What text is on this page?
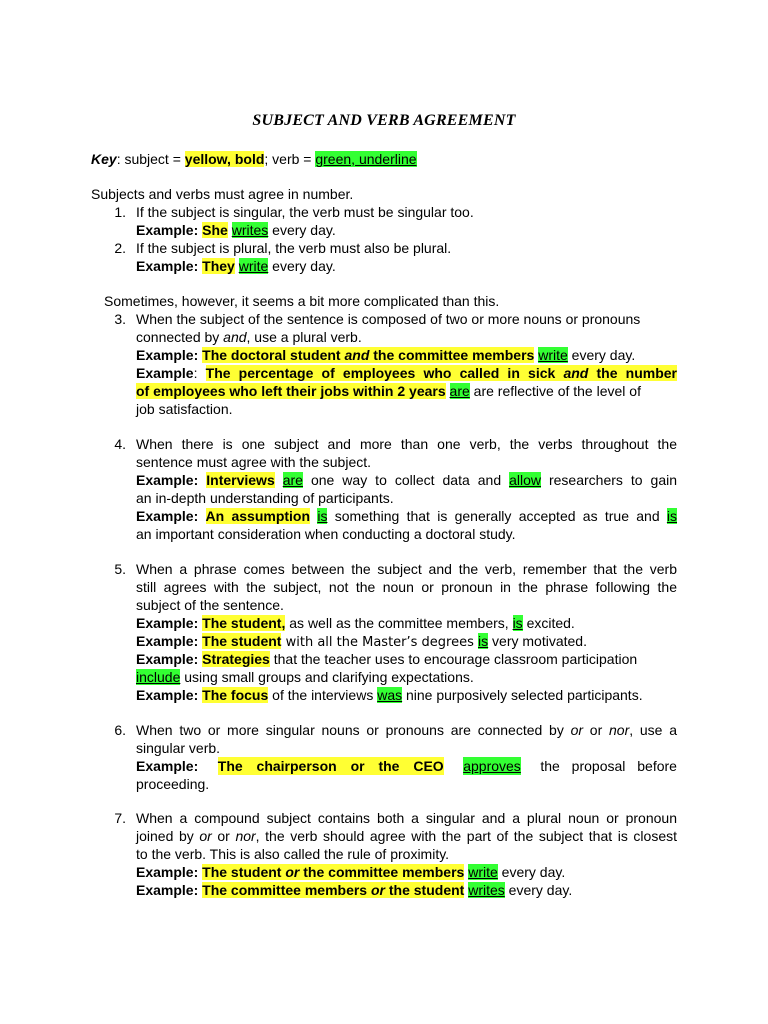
SUBJECT AND VERB AGREEMENT
Key: subject = yellow, bold; verb = green, underline
Subjects and verbs must agree in number.
1. If the subject is singular, the verb must be singular too.
Example: She writes every day.
2. If the subject is plural, the verb must also be plural.
Example: They write every day.
Sometimes, however, it seems a bit more complicated than this.
3. When the subject of the sentence is composed of two or more nouns or pronouns
connected by and, use a plural verb.
Example: The doctoral student and the committee members write every day.
Example: The percentage of employees who called in sick and the number
of employees who left their jobs within 2 years are are reflective of the level of
job satisfaction.
4. When there is one subject and more than one verb, the verbs throughout the
sentence must agree with the subject.
Example: Interviews are one way to collect data and allow researchers to gain
an in-depth understanding of participants.
Example: An assumption is something that is generally accepted as true and is
an important consideration when conducting a doctoral study.
5. When a phrase comes between the subject and the verb, remember that the verb
still agrees with the subject, not the noun or pronoun in the phrase following the
subject of the sentence.
Example: The student, as well as the committee members, is excited.
Example: The student with all the Master’s degrees is very motivated.
Example: Strategies that the teacher uses to encourage classroom participation
include using small groups and clarifying expectations.
Example: The focus of the interviews was nine purposively selected participants.
6. When two or more singular nouns or pronouns are connected by or or nor, use a
singular verb.
Example: The chairperson or the CEO approves the proposal before
proceeding.
7. When a compound subject contains both a singular and a plural noun or pronoun
joined by or or nor, the verb should agree with the part of the subject that is closest
to the verb. This is also called the rule of proximity.
Example: The student or the committee members write every day.
Example: The committee members or the student writes every day.
